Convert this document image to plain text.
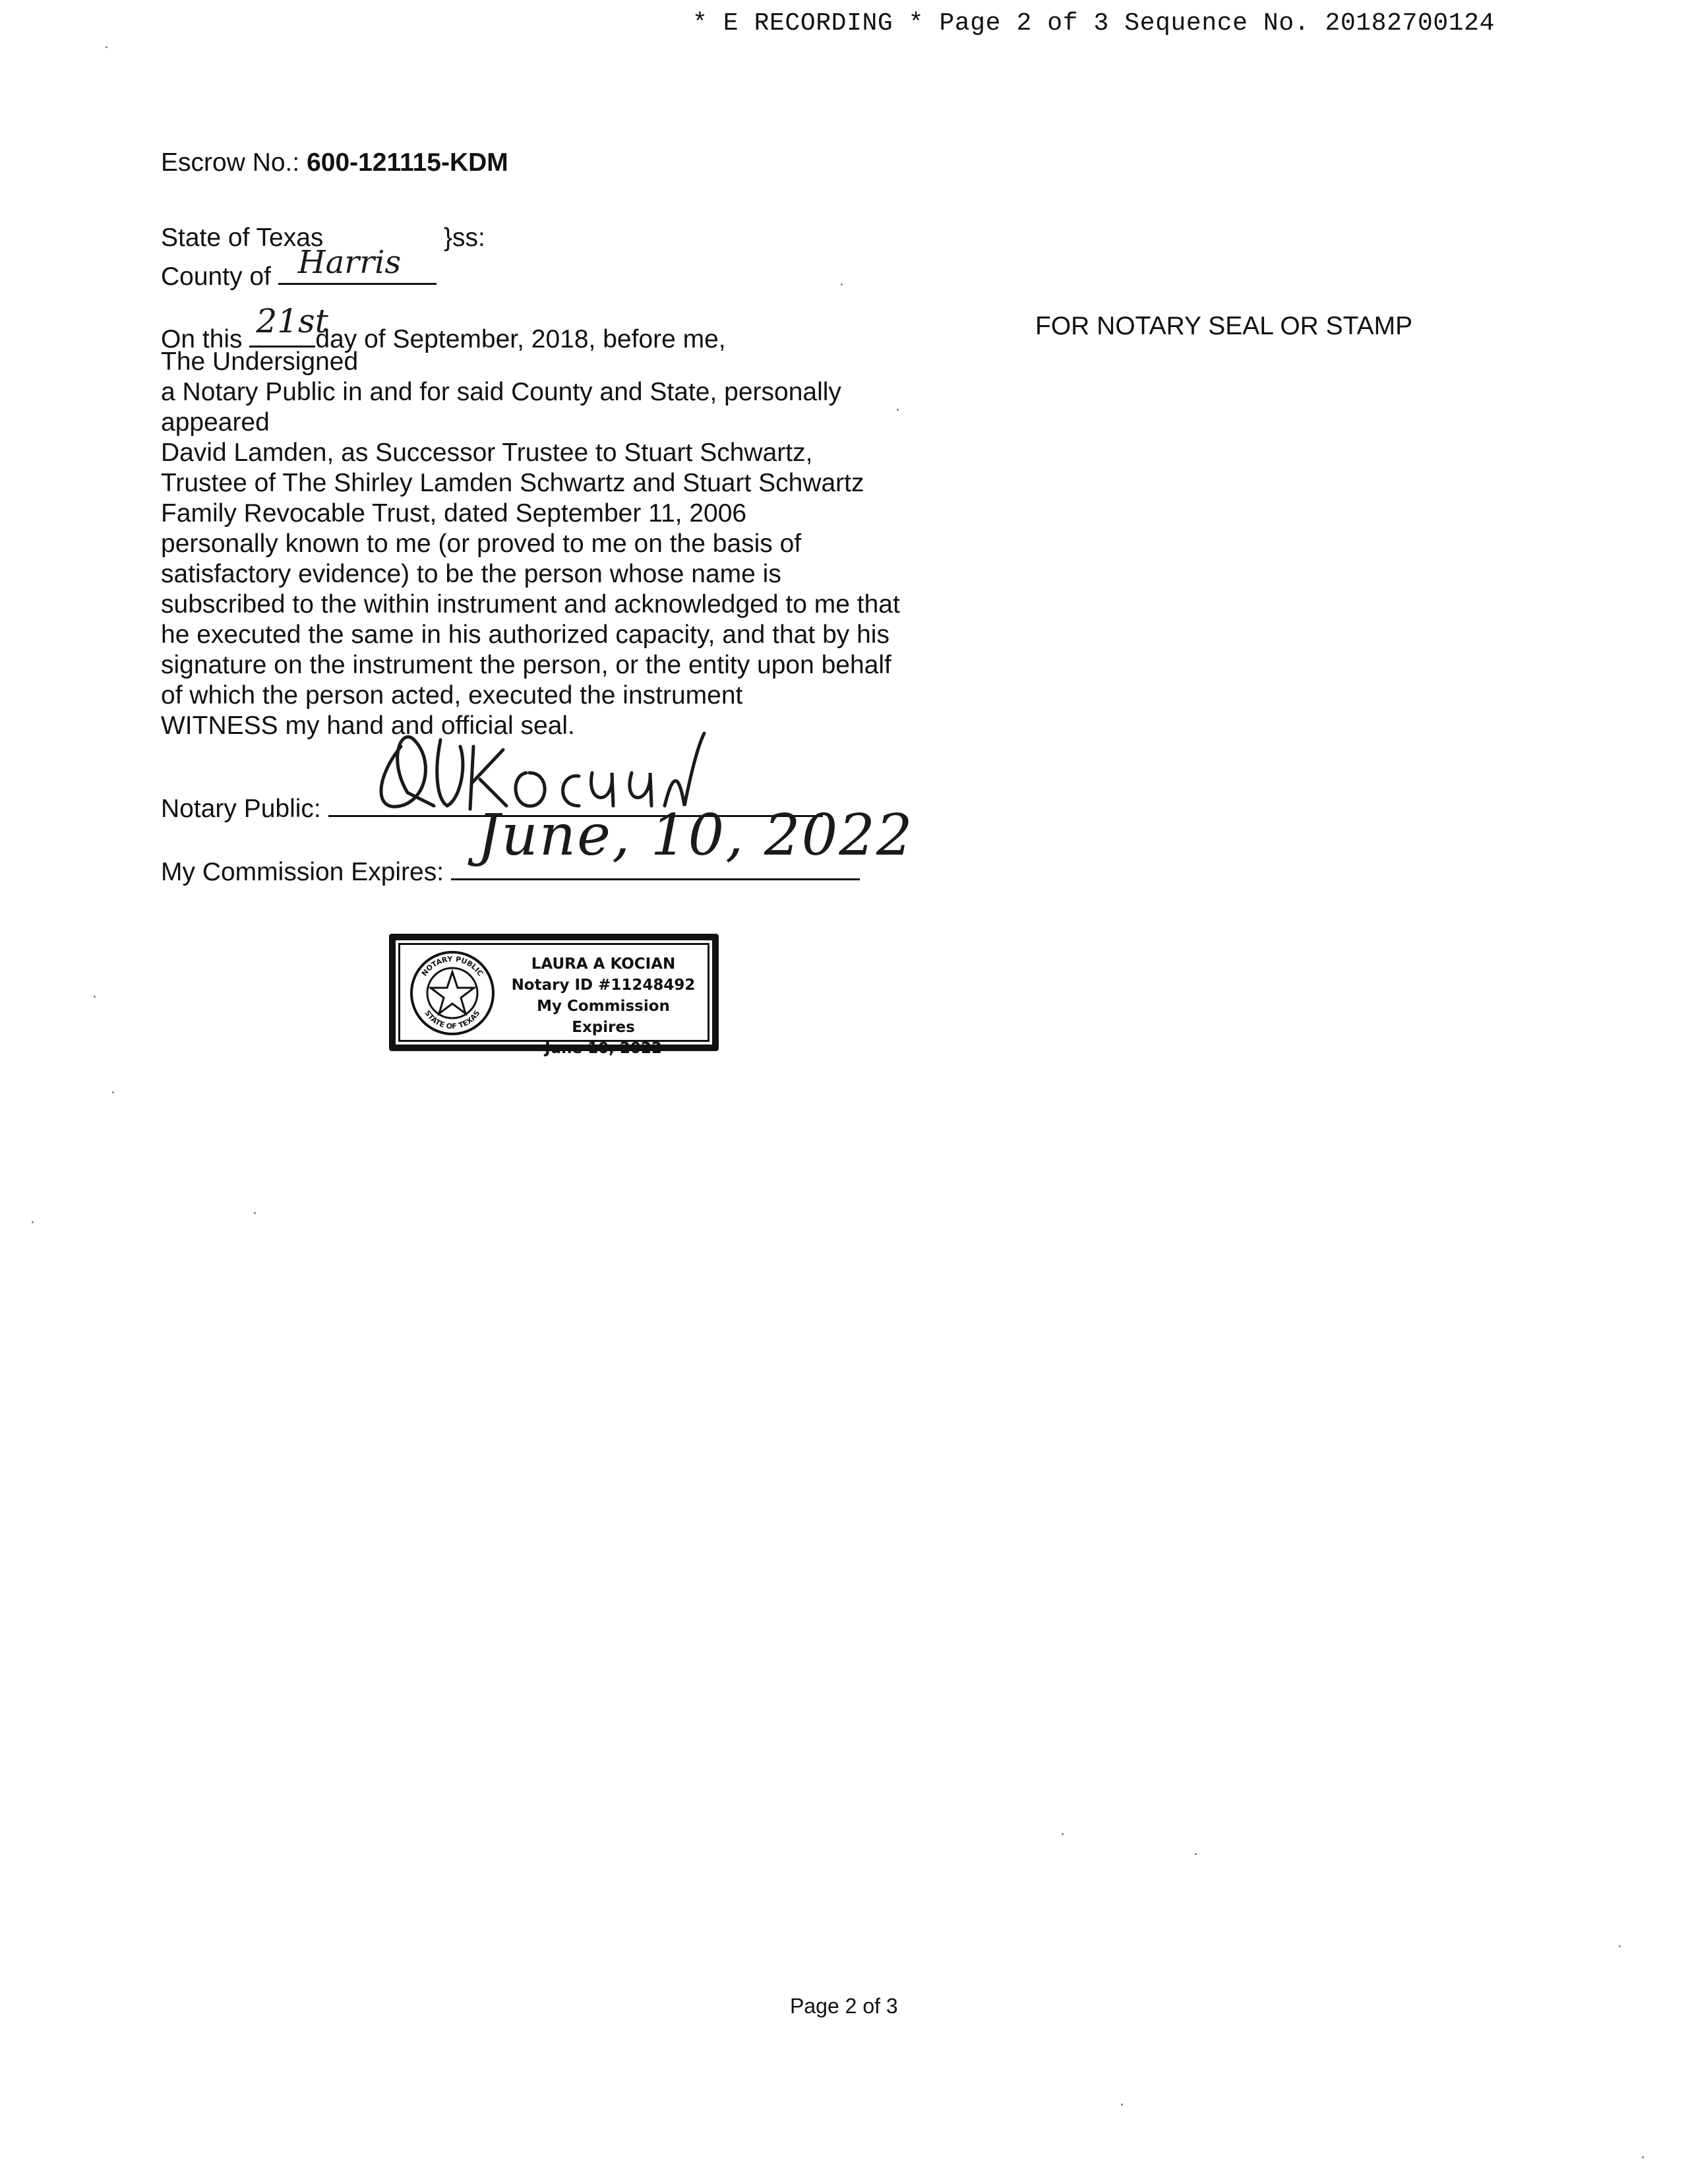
* E RECORDING * Page 2 of 3 Sequence No. 20182700124
Escrow No.: 600-121115-KDM
State of Texas	}ss:
County of Harris
On this 21st
day of September, 2018, before me,	FOR NOTARY SEAL OR STAMP
The Undersigned
a Notary Public in and for said County and State, personally
appeared
David Lamden, as Successor Trustee to Stuart Schwartz,
Trustee of The Shirley Lamden Schwartz and Stuart Schwartz
Family Revocable Trust, dated September 11, 2006
personally known to me (or proved to me on the basis of
satisfactory evidence) to be the person whose name is
subscribed to the within instrument and acknowledged to me that
he executed the same in his authorized capacity, and that by his
signature on the instrument the person, or the entity upon behalf
of which the person acted, executed the instrument
WITNESS my hand and official seal.
Notary Public:
My Commission Expires:
June, 10, 2022
NOTARY PUBLIC
STATE OF TEXAS
LAURA A KOCIAN
Notary ID #11248492
My Commission Expires
June 10, 2022
Page 2 of 3
